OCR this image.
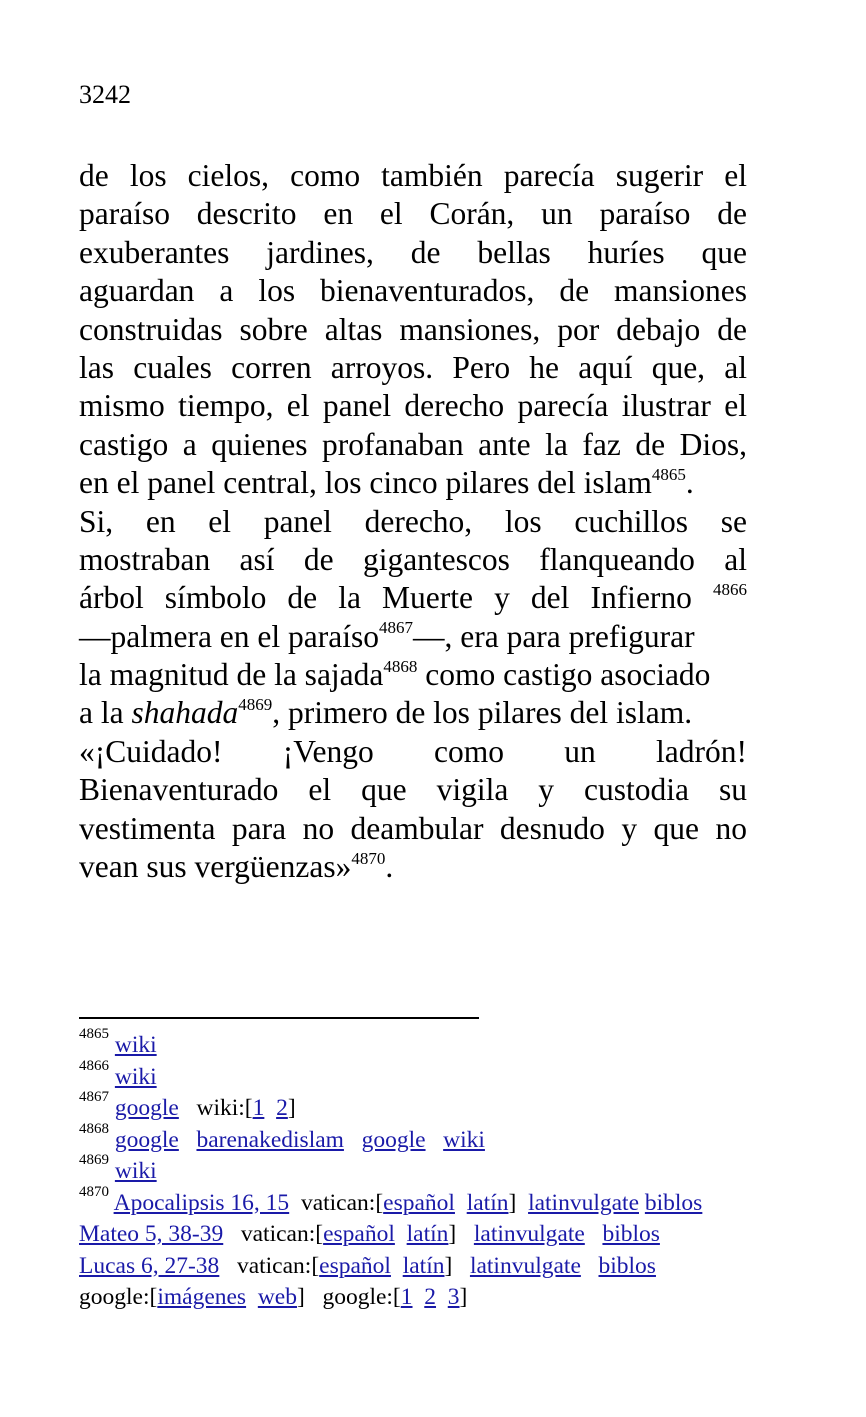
3242
de los cielos, como también parecía sugerir el
paraíso descrito en el Corán, un paraíso de
exuberantes jardines, de bellas huríes que
aguardan a los bienaventurados, de mansiones
construidas sobre altas mansiones, por debajo de
las cuales corren arroyos. Pero he aquí que, al
mismo tiempo, el panel derecho parecía ilustrar el
castigo a quienes profanaban ante la faz de Dios,
en el panel central, los cinco pilares del islam$^{4865}$.
Si, en el panel derecho, los cuchillos se
mostraban así de gigantescos flanqueando al
árbol símbolo de la Muerte y del Infierno $^{4866}$
—palmera en el paraíso$^{4867}$—, era para prefigurar
la magnitud de la sajada$^{4868}$ como castigo asociado
a la shahada$^{4869}$, primero de los pilares del islam.
«¡Cuidado! ¡Vengo como un ladrón!
Bienaventurado el que vigila y custodia su
vestimenta para no deambular desnudo y que no
vean sus vergüenzas»$^{4870}$.
$^{4865}$ wiki
$^{4866}$ wiki
$^{4867}$ google wiki:[1 2]
$^{4868}$ google barenakedislam google wiki
$^{4869}$ wiki
$^{4870}$ Apocalipsis 16, 15 vatican:[español latín] latinvulgate biblos
Mateo 5, 38-39 vatican:[español latín] latinvulgate biblos
Lucas 6, 27-38 vatican:[español latín] latinvulgate biblos
google:[imágenes web] google:[1 2 3]
